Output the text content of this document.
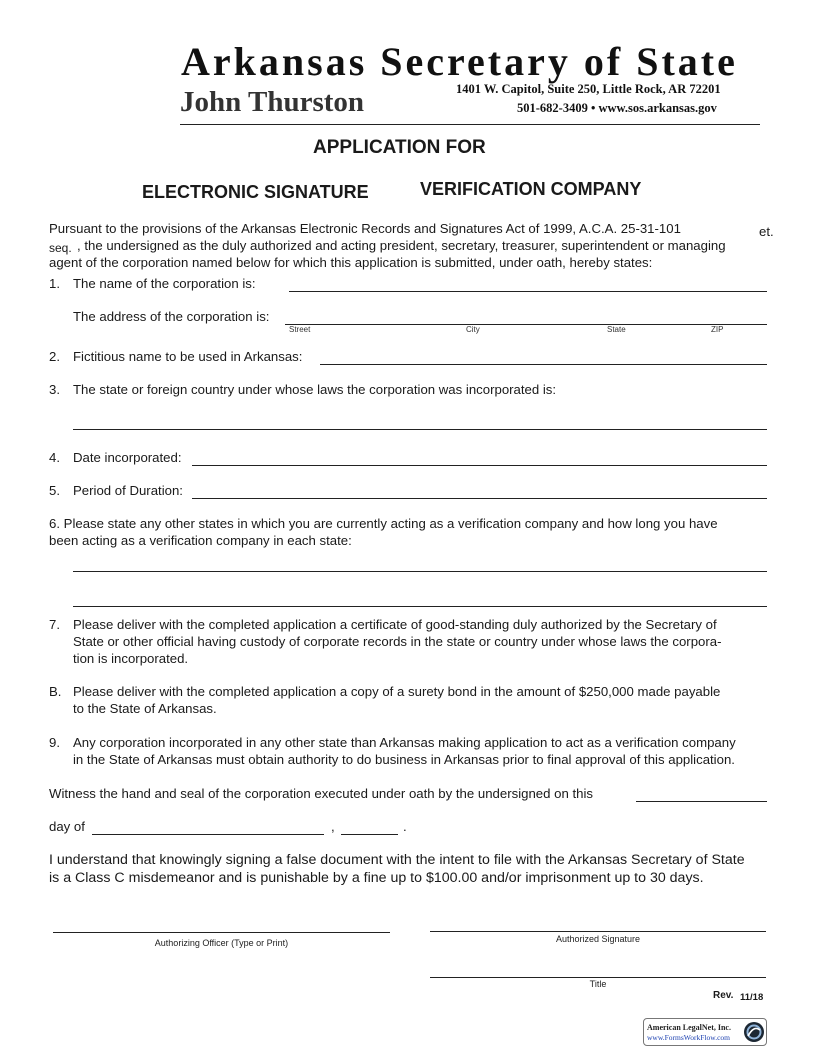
Arkansas Secretary of State
John Thurston	1401 W. Capitol, Suite 250, Little Rock, AR 72201
501-682-3409 • www.sos.arkansas.gov
APPLICATION FOR
ELECTRONIC SIGNATURE	VERIFICATION COMPANY
Pursuant to the provisions of the Arkansas Electronic Records and Signatures Act of 1999, A.C.A. 25-31-101	et.
seq. , the undersigned as the duly authorized and acting president, secretary, treasurer, superintendent or managing
agent of the corporation named below for which this application is submitted, under oath, hereby states:
1. The name of the corporation is:
The address of the corporation is:
Street	City	State	ZIP
2. Fictitious name to be used in Arkansas:
3. The state or foreign country under whose laws the corporation was incorporated is:
4. Date incorporated:
5. Period of Duration:
6. Please state any other states in which you are currently acting as a verification company and how long you have
been acting as a verification company in each state:
7. Please deliver with the completed application a certificate of good-standing duly authorized by the Secretary of
State or other official having custody of corporate records in the state or country under whose laws the corpora-
tion is incorporated.
B. Please deliver with the completed application a copy of a surety bond in the amount of $250,000 made payable
to the State of Arkansas.
9. Any corporation incorporated in any other state than Arkansas making application to act as a verification company
in the State of Arkansas must obtain authority to do business in Arkansas prior to final approval of this application.
Witness the hand and seal of the corporation executed under oath by the undersigned on this
day of	,	.
I understand that knowingly signing a false document with the intent to file with the Arkansas Secretary of State
is a Class C misdemeanor and is punishable by a fine up to $100.00 and/or imprisonment up to 30 days.
Authorizing Officer (Type or Print)	Authorized Signature
Title
Rev. 11/18
American LegalNet, Inc.
www.FormsWorkFlow.com
